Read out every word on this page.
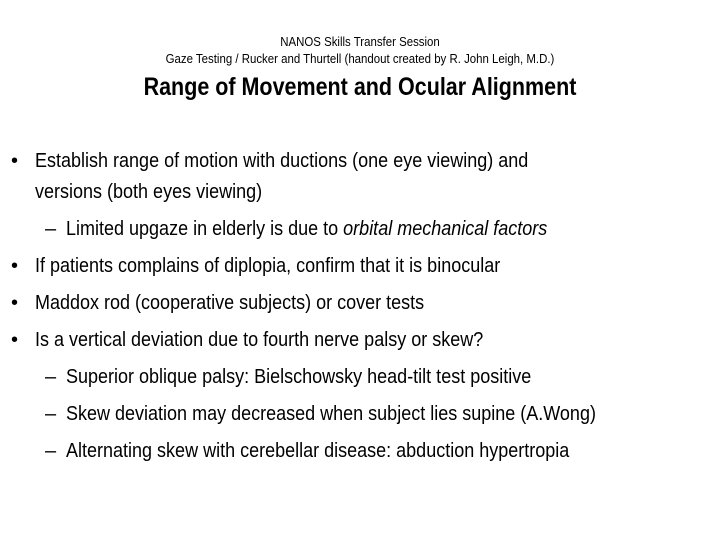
NANOS Skills Transfer Session
Gaze Testing / Rucker and Thurtell (handout created by R. John Leigh, M.D.)
Range of Movement and Ocular Alignment
• Establish range of motion with ductions (one eye viewing) and
versions (both eyes viewing)
– Limited upgaze in elderly is due to orbital mechanical factors
• If patients complains of diplopia, confirm that it is binocular
• Maddox rod (cooperative subjects) or cover tests
• Is a vertical deviation due to fourth nerve palsy or skew?
– Superior oblique palsy: Bielschowsky head-tilt test positive
– Skew deviation may decreased when subject lies supine (A.Wong)
– Alternating skew with cerebellar disease: abduction hypertropia
